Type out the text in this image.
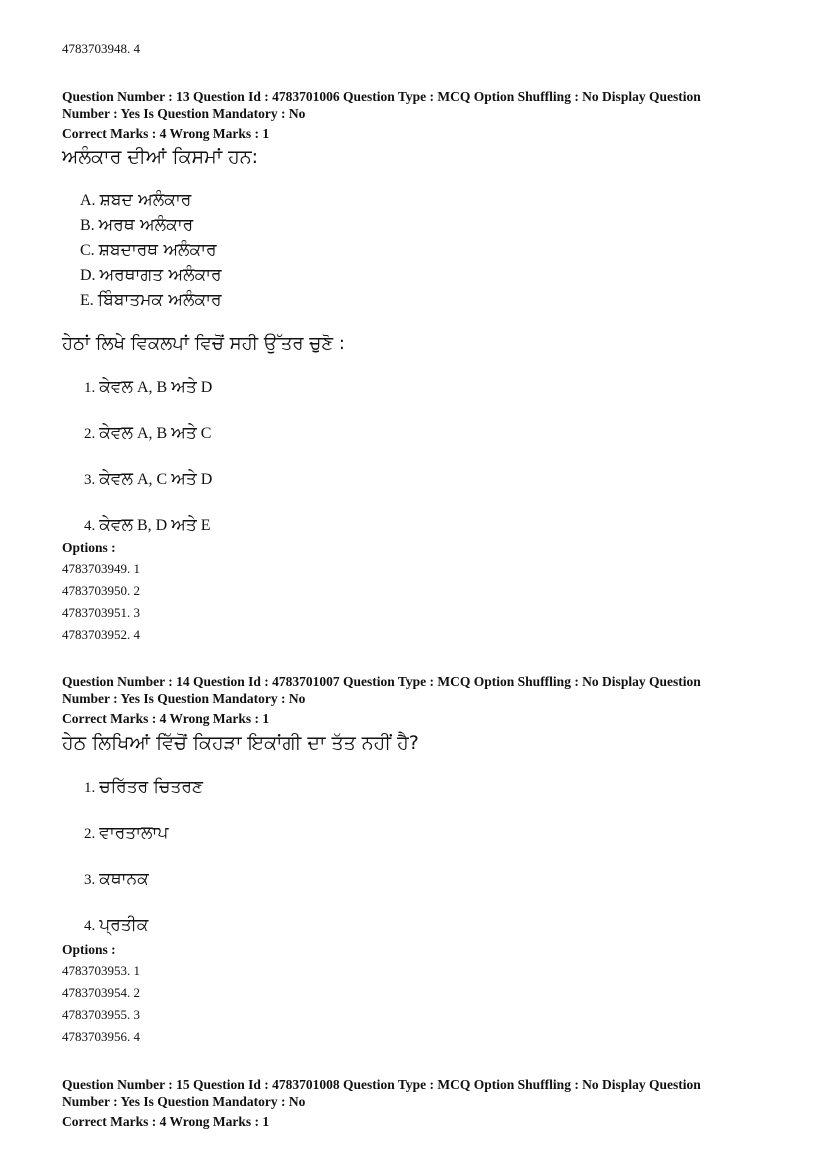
4783703948. 4
Question Number : 13 Question Id : 4783701006 Question Type : MCQ Option Shuffling : No Display Question
Number : Yes Is Question Mandatory : No
Correct Marks : 4 Wrong Marks : 1
ਅਲੰਕਾਰ ਦੀਆਂ ਕਿਸਮਾਂ ਹਨ:
A. ਸ਼ਬਦ ਅਲੰਕਾਰ
B. ਅਰਥ ਅਲੰਕਾਰ
C. ਸ਼ਬਦਾਰਥ ਅਲੰਕਾਰ
D. ਅਰਥਾਗਤ ਅਲੰਕਾਰ
E. ਬਿੰਬਾਤਮਕ ਅਲੰਕਾਰ
ਹੇਠਾਂ ਲਿਖੇ ਵਿਕਲਪਾਂ ਵਿਚੋਂ ਸਹੀ ਉੱਤਰ ਚੁਣੋ :
1. ਕੇਵਲ A, B ਅਤੇ D
2. ਕੇਵਲ A, B ਅਤੇ C
3. ਕੇਵਲ A, C ਅਤੇ D
4. ਕੇਵਲ B, D ਅਤੇ E
Options :
4783703949. 1
4783703950. 2
4783703951. 3
4783703952. 4
Question Number : 14 Question Id : 4783701007 Question Type : MCQ Option Shuffling : No Display Question
Number : Yes Is Question Mandatory : No
Correct Marks : 4 Wrong Marks : 1
ਹੇਠ ਲਿਖਿਆਂ ਵਿੱਚੋਂ ਕਿਹੜਾ ਇਕਾਂਗੀ ਦਾ ਤੱਤ ਨਹੀਂ ਹੈ?
1. ਚਰਿੱਤਰ ਚਿਤਰਣ
2. ਵਾਰਤਾਲਾਪ
3. ਕਥਾਨਕ
4. ਪ੍ਰਤੀਕ
Options :
4783703953. 1
4783703954. 2
4783703955. 3
4783703956. 4
Question Number : 15 Question Id : 4783701008 Question Type : MCQ Option Shuffling : No Display Question
Number : Yes Is Question Mandatory : No
Correct Marks : 4 Wrong Marks : 1
